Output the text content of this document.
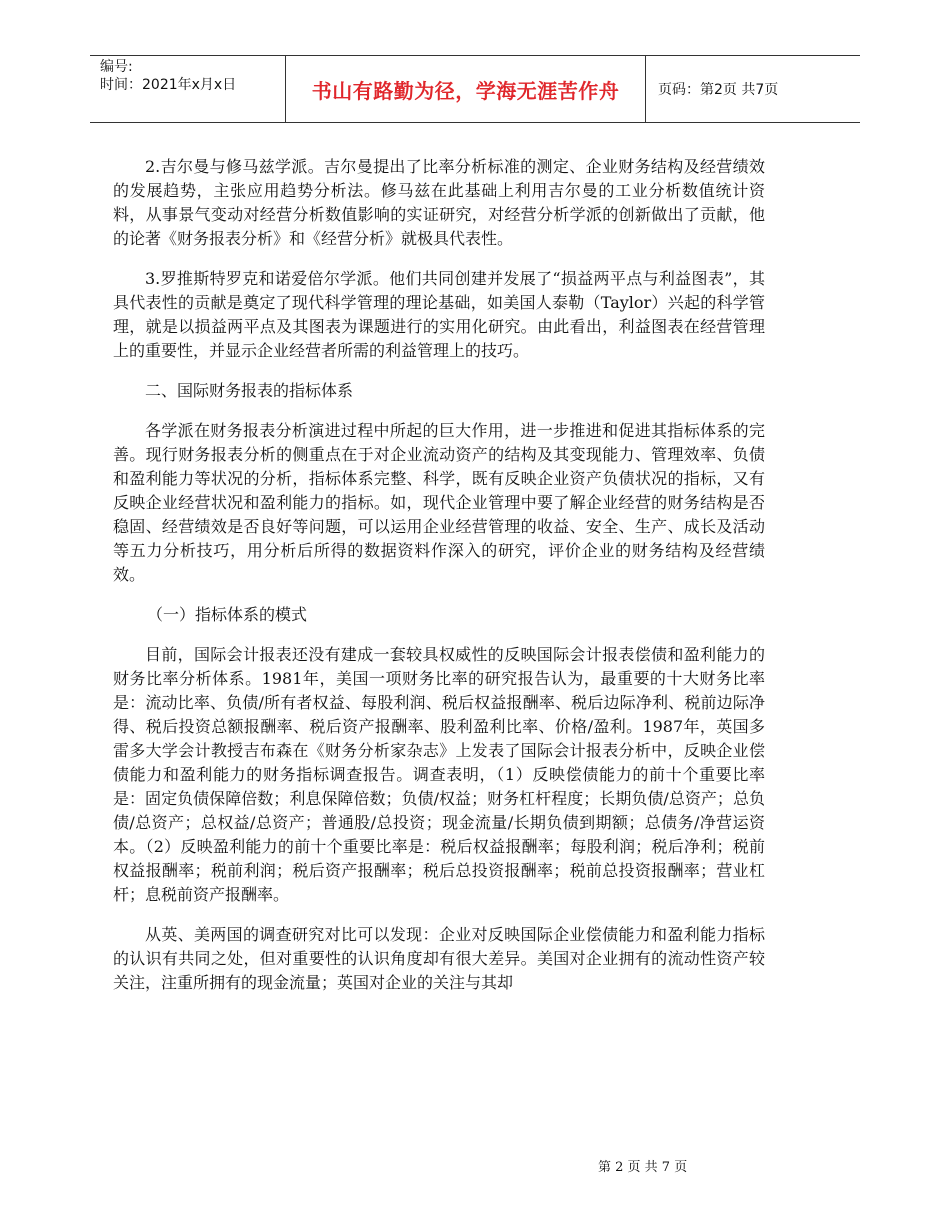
编号:
时间：2021年x月x日	书山有路勤为径，学海无涯苦作舟	页码：第2页 共7页

2.吉尔曼与修马兹学派。吉尔曼提出了比率分析标准的测定、企业财务结构及经营绩效的发展趋势，主张应用趋势分析法。修马兹在此基础上利用吉尔曼的工业分析数值统计资料，从事景气变动对经营分析数值影响的实证研究，对经营分析学派的创新做出了贡献，他的论著《财务报表分析》和《经营分析》就极具代表性。

3.罗推斯特罗克和诺爱倍尔学派。他们共同创建并发展了“损益两平点与利益图表”，其具代表性的贡献是奠定了现代科学管理的理论基础，如美国人泰勒（Taylor）兴起的科学管理，就是以损益两平点及其图表为课题进行的实用化研究。由此看出，利益图表在经营管理上的重要性，并显示企业经营者所需的利益管理上的技巧。

二、国际财务报表的指标体系

各学派在财务报表分析演进过程中所起的巨大作用，进一步推进和促进其指标体系的完善。现行财务报表分析的侧重点在于对企业流动资产的结构及其变现能力、管理效率、负债和盈利能力等状况的分析，指标体系完整、科学，既有反映企业资产负债状况的指标，又有反映企业经营状况和盈利能力的指标。如，现代企业管理中要了解企业经营的财务结构是否稳固、经营绩效是否良好等问题，可以运用企业经营管理的收益、安全、生产、成长及活动等五力分析技巧，用分析后所得的数据资料作深入的研究，评价企业的财务结构及经营绩效。

（一）指标体系的模式

目前，国际会计报表还没有建成一套较具权威性的反映国际会计报表偿债和盈利能力的财务比率分析体系。1981年，美国一项财务比率的研究报告认为，最重要的十大财务比率是：流动比率、负债/所有者权益、每股利润、税后权益报酬率、税后边际净利、税前边际净得、税后投资总额报酬率、税后资产报酬率、股利盈利比率、价格/盈利。1987年，英国多雷多大学会计教授吉布森在《财务分析家杂志》上发表了国际会计报表分析中，反映企业偿债能力和盈利能力的财务指标调查报告。调查表明，（1）反映偿债能力的前十个重要比率是：固定负债保障倍数；利息保障倍数；负债/权益；财务杠杆程度；长期负债/总资产；总负债/总资产；总权益/总资产；普通股/总投资；现金流量/长期负债到期额；总债务/净营运资本。（2）反映盈利能力的前十个重要比率是：税后权益报酬率；每股利润；税后净利；税前权益报酬率；税前利润；税后资产报酬率；税后总投资报酬率；税前总投资报酬率；营业杠杆；息税前资产报酬率。

从英、美两国的调查研究对比可以发现：企业对反映国际企业偿债能力和盈利能力指标的认识有共同之处，但对重要性的认识角度却有很大差异。美国对企业拥有的流动性资产较关注，注重所拥有的现金流量；英国对企业的关注与其却

第 2 页 共 7 页
